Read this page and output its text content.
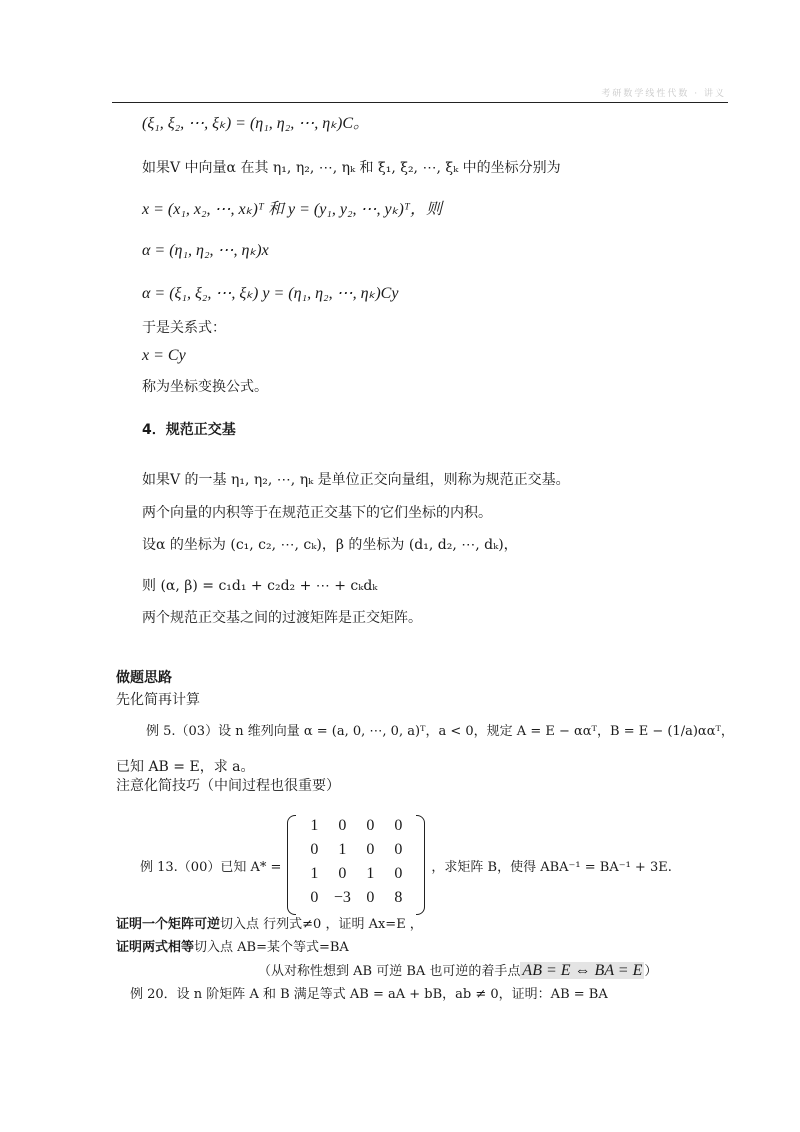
考研数学线性代数 · 讲义
(ξ₁, ξ₂, ⋯, ξₖ) = (η₁, η₂, ⋯, ηₖ)C。
如果V 中向量α 在其 η₁, η₂, ⋯, ηₖ 和 ξ₁, ξ₂, ⋯, ξₖ 中的坐标分别为
x = (x₁, x₂, ⋯, xₖ)ᵀ 和 y = (y₁, y₂, ⋯, yₖ)ᵀ，则
α = (η₁, η₂, ⋯, ηₖ)x
α = (ξ₁, ξ₂, ⋯, ξₖ) y = (η₁, η₂, ⋯, ηₖ)Cy
于是关系式：
x = Cy
称为坐标变换公式。
4．规范正交基
如果V 的一基 η₁, η₂, ⋯, ηₖ 是单位正交向量组，则称为规范正交基。
两个向量的内积等于在规范正交基下的它们坐标的内积。
设α 的坐标为 (c₁, c₂, ⋯, cₖ)，β 的坐标为 (d₁, d₂, ⋯, dₖ)，
则 (α, β) = c₁d₁ + c₂d₂ + ⋯ + cₖdₖ
两个规范正交基之间的过渡矩阵是正交矩阵。
做题思路
先化简再计算
例 5.（03）设 n 维列向量 α = (a, 0, ⋯, 0, a)ᵀ，a < 0，规定 A = E − ααᵀ，B = E − (1/a)ααᵀ，
已知 AB = E，求 a。
注意化简技巧（中间过程也很重要）
例 13.（00）已知 A* =
1	0	0	0
0	1	0	0
1	0	1	0
0 −3 0	8
，求矩阵 B，使得 ABA⁻¹ = BA⁻¹ + 3E.
证明一个矩阵可逆切入点 行列式≠0 ，证明 Ax=E ，
证明两式相等切入点 AB=某个等式=BA
（从对称性想到 AB 可逆 BA 也可逆的着手点 AB = E ⇔ BA = E ）
例 20．设 n 阶矩阵 A 和 B 满足等式 AB = aA + bB，ab ≠ 0，证明：AB = BA
